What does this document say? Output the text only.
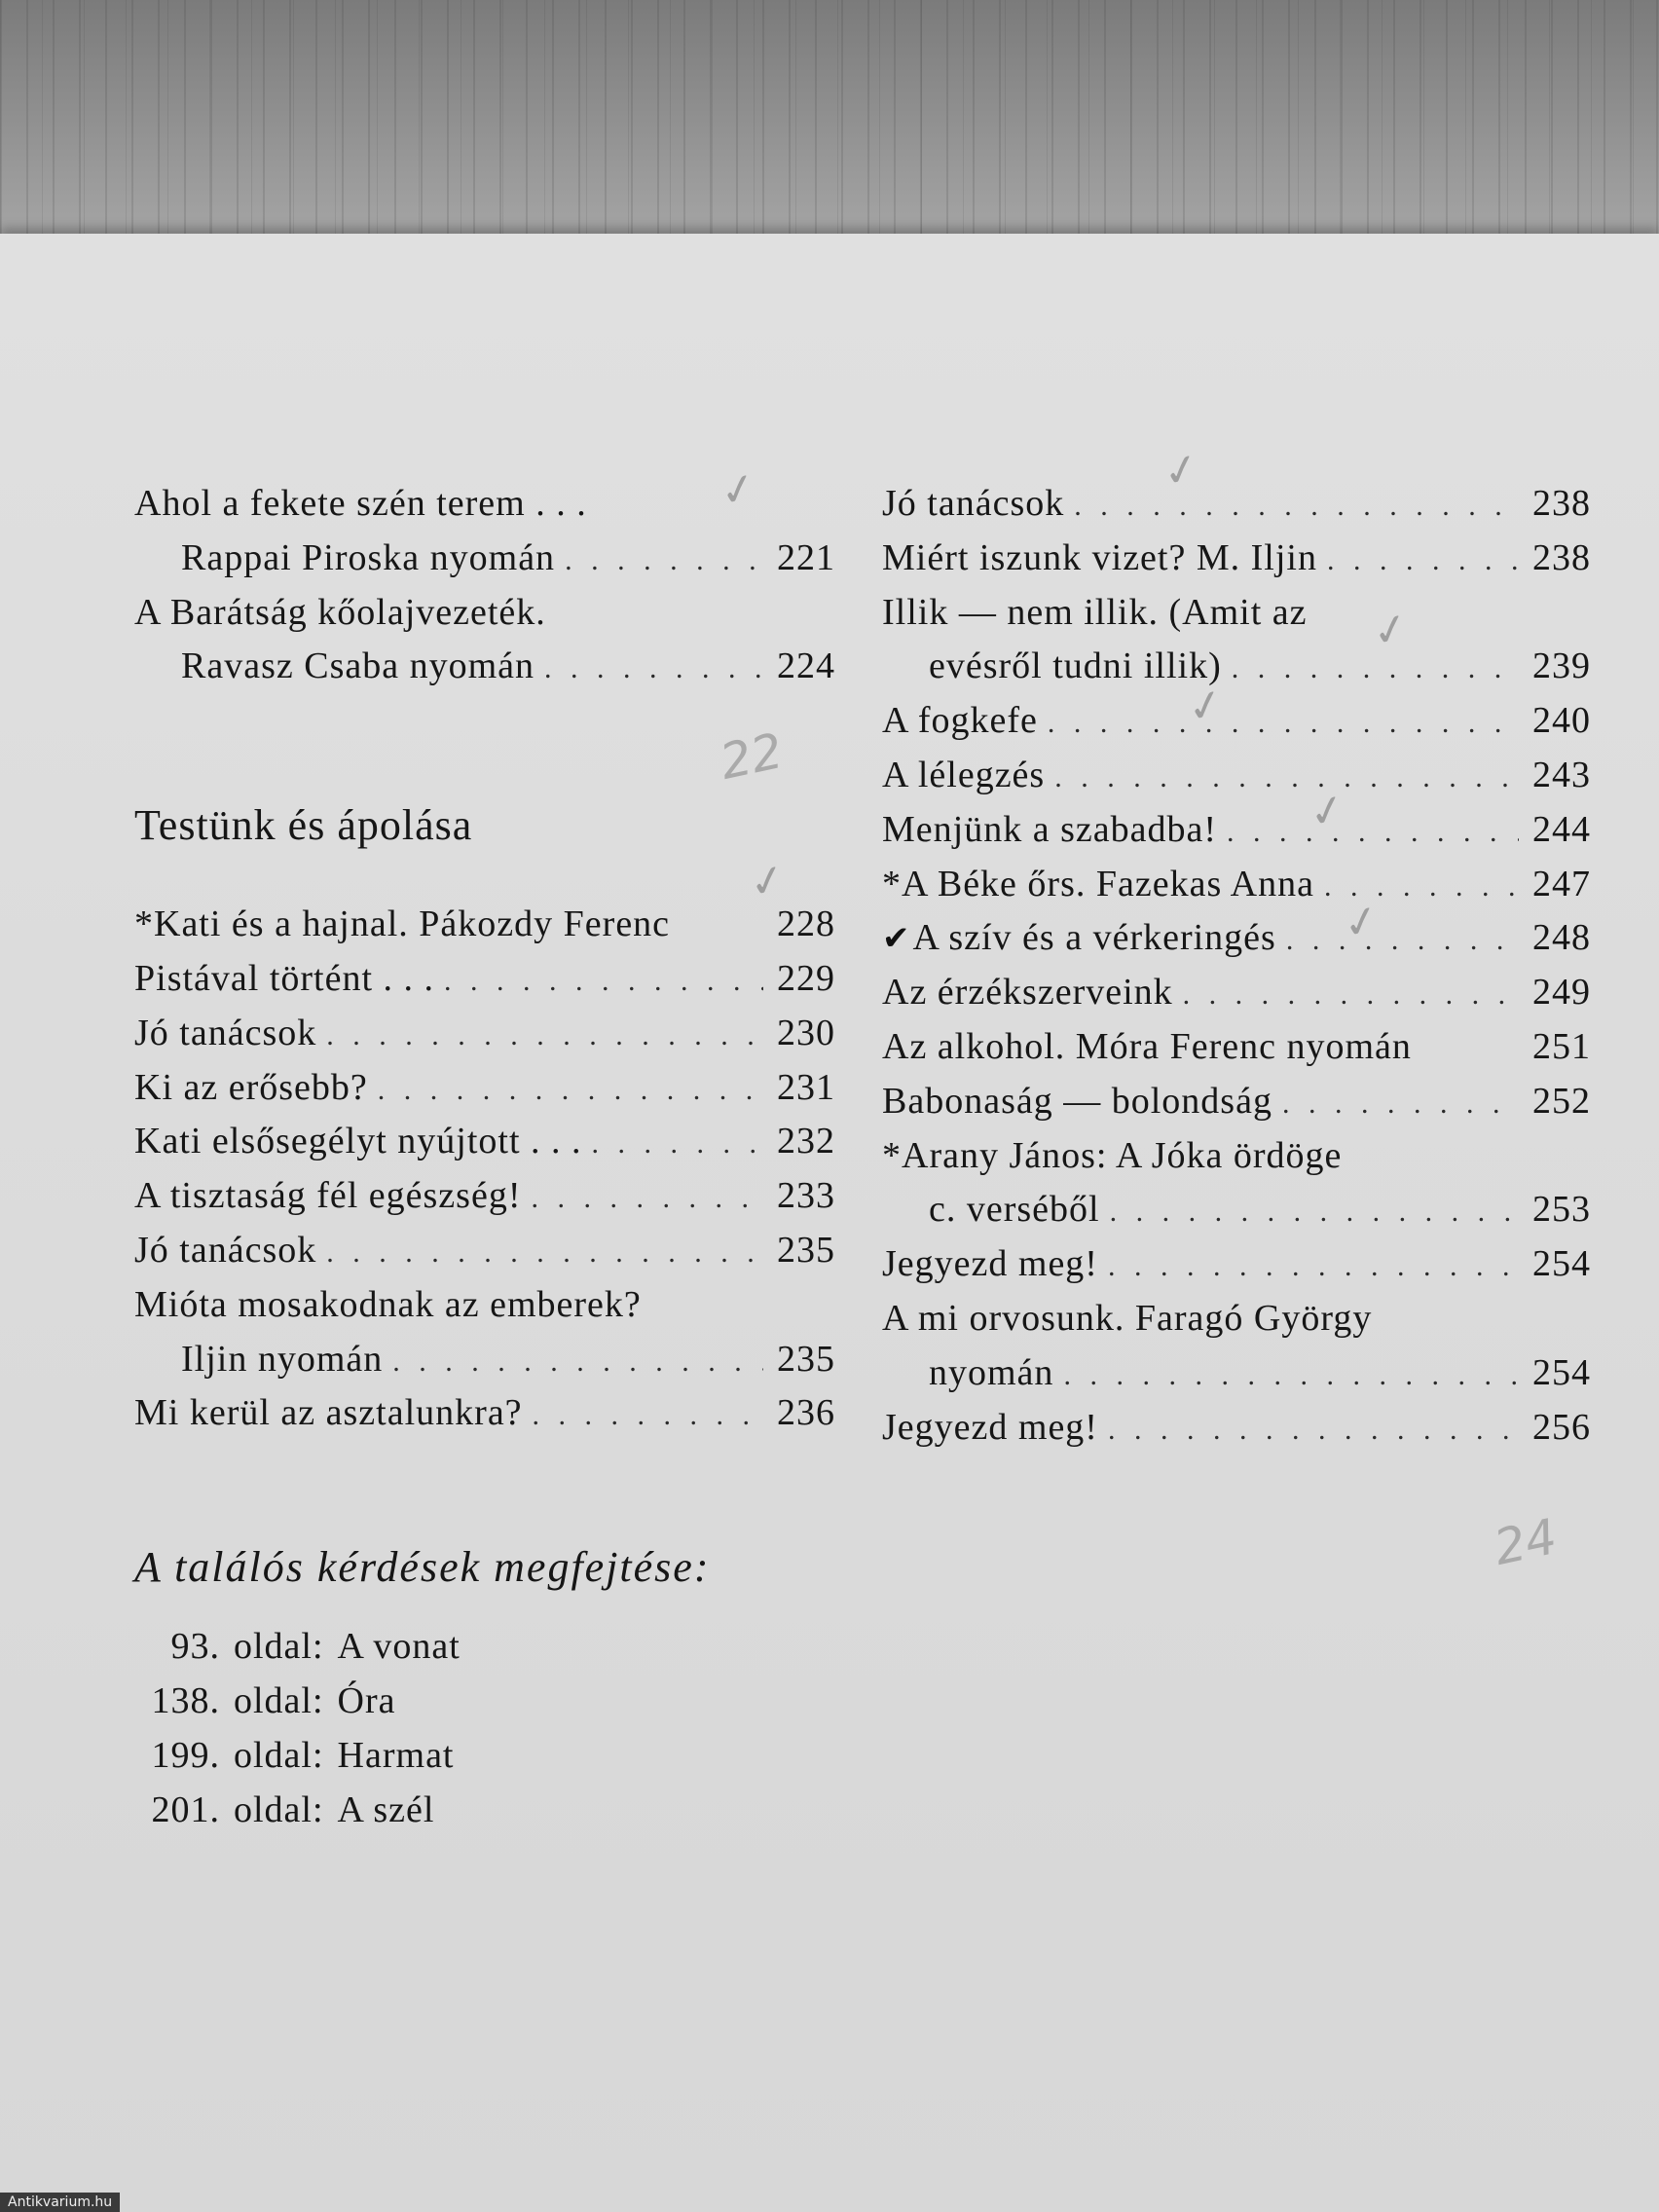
Ahol a fekete szén terem . . .
Rappai Piroska nyomán . . .	221
A Barátság kőolajvezeték.
Ravasz Csaba nyomán . . .	224
Testünk és ápolása
*Kati és a hajnal. Pákozdy Ferenc	228
Pistával történt . . . . . .	229
Jó tanácsok . . .	230
Ki az erősebb? . . .	231
Kati elsősegélyt nyújtott . . . . . .	232
A tisztaság fél egészség! . . .	233
Jó tanácsok . . .	235
Mióta mosakodnak az emberek?
Iljin nyomán . . .	235
Mi kerül az asztalunkra? . . .	236
Jó tanácsok . . .	238
Miért iszunk vizet? M. Iljin . . .	238
Illik — nem illik. (Amit az
evésről tudni illik) . . .	239
A fogkefe . . .	240
A lélegzés . . .	243
Menjünk a szabadba! . . .	244
*A Béke őrs. Fazekas Anna . . .	247
✔ A szív és a vérkeringés . . .	248
Az érzékszerveink . . .	249
Az alkohol. Móra Ferenc nyomán	251
Babonaság — bolondság . . .	252
*Arany János: A Jóka ördöge
c. verséből . . .	253
Jegyezd meg! . . .	254
A mi orvosunk. Faragó György
nyomán . . .	254
Jegyezd meg! . . .	256
A találós kérdések megfejtése:
93. oldal: A vonat
138. oldal: Óra
199. oldal: Harmat
201. oldal: A szél
✓
22
✓
✓
✓
✓
✓
✓
24
Antikvarium.hu
